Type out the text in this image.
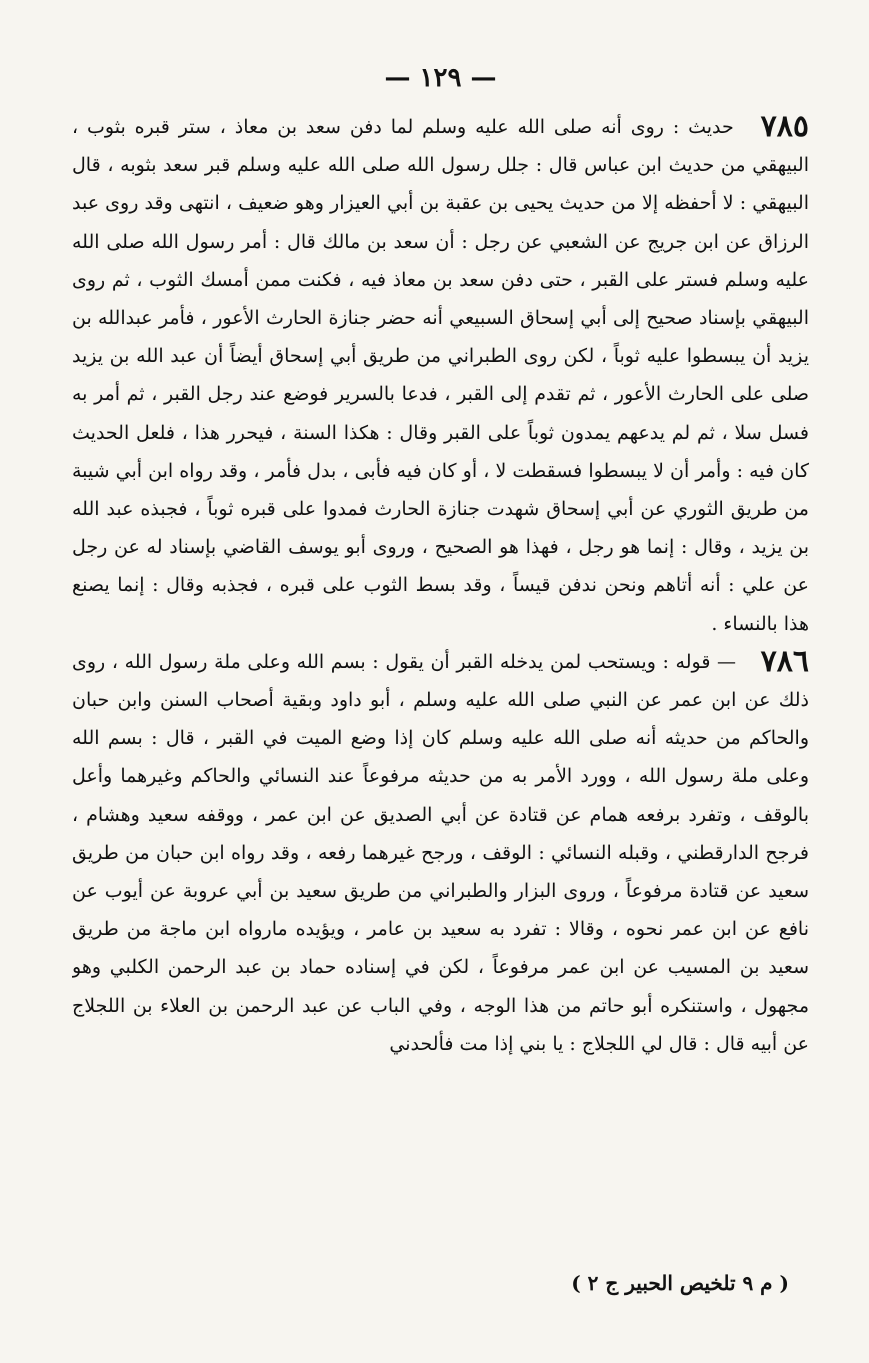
— ١٢٩ —

٧٨٥ حديث : روى أنه صلى الله عليه وسلم لما دفن سعد بن معاذ ، ستر قبره بثوب ، البيهقي من حديث ابن عباس قال : جلل رسول الله صلى الله عليه وسلم قبر سعد بثوبه ، قال البيهقي : لا أحفظه إلا من حديث يحيى بن عقبة بن أبي العيزار وهو ضعيف ، انتهى وقد روى عبد الرزاق عن ابن جريج عن الشعبي عن رجل : أن سعد بن مالك قال : أمر رسول الله صلى الله عليه وسلم فستر على القبر ، حتى دفن سعد بن معاذ فيه ، فكنت ممن أمسك الثوب ، ثم روى البيهقي بإسناد صحيح إلى أبي إسحاق السبيعي أنه حضر جنازة الحارث الأعور ، فأمر عبدالله بن يزيد أن يبسطوا عليه ثوباً ، لكن روى الطبراني من طريق أبي إسحاق أيضاً أن عبد الله بن يزيد صلى على الحارث الأعور ، ثم تقدم إلى القبر ، فدعا بالسرير فوضع عند رجل القبر ، ثم أمر به فسل سلا ، ثم لم يدعهم يمدون ثوباً على القبر وقال : هكذا السنة ، فيحرر هذا ، فلعل الحديث كان فيه : وأمر أن لا يبسطوا فسقطت لا ، أو كان فيه فأبى ، بدل فأمر ، وقد رواه ابن أبي شيبة من طريق الثوري عن أبي إسحاق شهدت جنازة الحارث فمدوا على قبره ثوباً ، فجبذه عبد الله بن يزيد ، وقال : إنما هو رجل ، فهذا هو الصحيح ، وروى أبو يوسف القاضي بإسناد له عن رجل عن علي : أنه أتاهم ونحن ندفن قيساً ، وقد بسط الثوب على قبره ، فجذبه وقال : إنما يصنع هذا بالنساء .

٧٨٦ — قوله : ويستحب لمن يدخله القبر أن يقول : بسم الله وعلى ملة رسول الله ، روى ذلك عن ابن عمر عن النبي صلى الله عليه وسلم ، أبو داود وبقية أصحاب السنن وابن حبان والحاكم من حديثه أنه صلى الله عليه وسلم كان إذا وضع الميت في القبر ، قال : بسم الله وعلى ملة رسول الله ، وورد الأمر به من حديثه مرفوعاً عند النسائي والحاكم وغيرهما وأعل بالوقف ، وتفرد برفعه همام عن قتادة عن أبي الصديق عن ابن عمر ، ووقفه سعيد وهشام ، فرجح الدارقطني ، وقبله النسائي : الوقف ، ورجح غيرهما رفعه ، وقد رواه ابن حبان من طريق سعيد عن قتادة مرفوعاً ، وروى البزار والطبراني من طريق سعيد بن أبي عروبة عن أيوب عن نافع عن ابن عمر نحوه ، وقالا : تفرد به سعيد بن عامر ، ويؤيده مارواه ابن ماجة من طريق سعيد بن المسيب عن ابن عمر مرفوعاً ، لكن في إسناده حماد بن عبد الرحمن الكلبي وهو مجهول ، واستنكره أبو حاتم من هذا الوجه ، وفي الباب عن عبد الرحمن بن العلاء بن اللجلاج عن أبيه قال : قال لي اللجلاج : يا بني إذا مت فألحدني

( م ٩ تلخيص الحبير ج ٢ )
